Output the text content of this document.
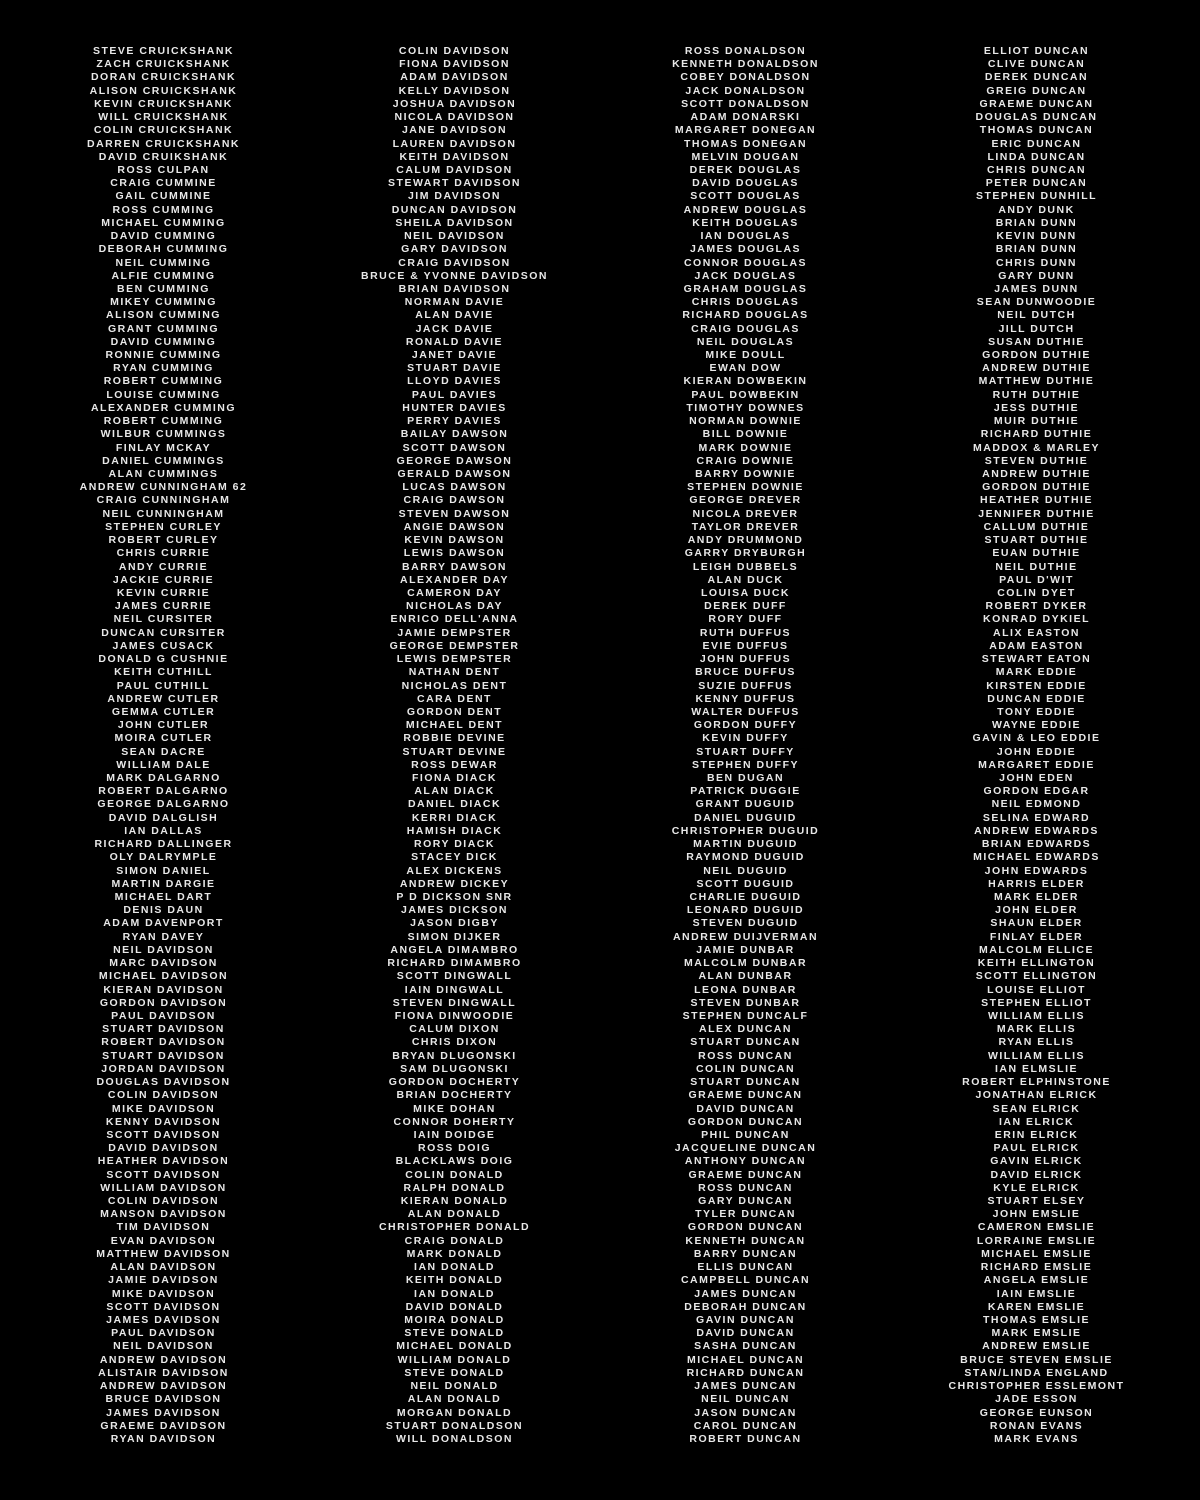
STEVE CRUICKSHANK
ZACH CRUICKSHANK
DORAN CRUICKSHANK
ALISON CRUICKSHANK
KEVIN CRUICKSHANK
WILL CRUICKSHANK
COLIN CRUICKSHANK
DARREN CRUICKSHANK
DAVID CRUIKSHANK
ROSS CULPAN
CRAIG CUMMINE
GAIL CUMMINE
ROSS CUMMING
MICHAEL CUMMING
DAVID CUMMING
DEBORAH CUMMING
NEIL CUMMING
ALFIE CUMMING
BEN CUMMING
MIKEY CUMMING
ALISON CUMMING
GRANT CUMMING
DAVID CUMMING
RONNIE CUMMING
RYAN CUMMING
ROBERT CUMMING
LOUISE CUMMING
ALEXANDER CUMMING
ROBERT CUMMING
WILBUR CUMMINGS
FINLAY MCKAY
DANIEL CUMMINGS
ALAN CUMMINGS
ANDREW CUNNINGHAM 62
CRAIG CUNNINGHAM
NEIL CUNNINGHAM
STEPHEN CURLEY
ROBERT CURLEY
CHRIS CURRIE
ANDY CURRIE
JACKIE CURRIE
KEVIN CURRIE
JAMES CURRIE
NEIL CURSITER
DUNCAN CURSITER
JAMES CUSACK
DONALD G CUSHNIE
KEITH CUTHILL
PAUL CUTHILL
ANDREW CUTLER
GEMMA CUTLER
JOHN CUTLER
MOIRA CUTLER
SEAN DACRE
WILLIAM DALE
MARK DALGARNO
ROBERT DALGARNO
GEORGE DALGARNO
DAVID DALGLISH
IAN DALLAS
RICHARD DALLINGER
OLY DALRYMPLE
SIMON DANIEL
MARTIN DARGIE
MICHAEL DART
DENIS DAUN
ADAM DAVENPORT
RYAN DAVEY
NEIL DAVIDSON
MARC DAVIDSON
MICHAEL DAVIDSON
KIERAN DAVIDSON
GORDON DAVIDSON
PAUL DAVIDSON
STUART DAVIDSON
ROBERT DAVIDSON
STUART DAVIDSON
JORDAN DAVIDSON
DOUGLAS DAVIDSON
COLIN DAVIDSON
MIKE DAVIDSON
KENNY DAVIDSON
SCOTT DAVIDSON
DAVID DAVIDSON
HEATHER DAVIDSON
SCOTT DAVIDSON
WILLIAM DAVIDSON
COLIN DAVIDSON
MANSON DAVIDSON
TIM DAVIDSON
EVAN DAVIDSON
MATTHEW DAVIDSON
ALAN DAVIDSON
JAMIE DAVIDSON
MIKE DAVIDSON
SCOTT DAVIDSON
JAMES DAVIDSON
PAUL DAVIDSON
NEIL DAVIDSON
ANDREW DAVIDSON
ALISTAIR DAVIDSON
ANDREW DAVIDSON
BRUCE DAVIDSON
JAMES DAVIDSON
GRAEME DAVIDSON
RYAN DAVIDSON
COLIN DAVIDSON
FIONA DAVIDSON
ADAM DAVIDSON
KELLY DAVIDSON
JOSHUA DAVIDSON
NICOLA DAVIDSON
JANE DAVIDSON
LAUREN DAVIDSON
KEITH DAVIDSON
CALUM DAVIDSON
STEWART DAVIDSON
JIM DAVIDSON
DUNCAN DAVIDSON
SHEILA DAVIDSON
NEIL DAVIDSON
GARY DAVIDSON
CRAIG DAVIDSON
BRUCE & YVONNE DAVIDSON
BRIAN DAVIDSON
NORMAN DAVIE
ALAN DAVIE
JACK DAVIE
RONALD DAVIE
JANET DAVIE
STUART DAVIE
LLOYD DAVIES
PAUL DAVIES
HUNTER DAVIES
PERRY DAVIES
BAILAY DAWSON
SCOTT DAWSON
GEORGE DAWSON
GERALD DAWSON
LUCAS DAWSON
CRAIG DAWSON
STEVEN DAWSON
ANGIE DAWSON
KEVIN DAWSON
LEWIS DAWSON
BARRY DAWSON
ALEXANDER DAY
CAMERON DAY
NICHOLAS DAY
ENRICO DELL'ANNA
JAMIE DEMPSTER
GEORGE DEMPSTER
LEWIS DEMPSTER
NATHAN DENT
NICHOLAS DENT
CARA DENT
GORDON DENT
MICHAEL DENT
ROBBIE DEVINE
STUART DEVINE
ROSS DEWAR
FIONA DIACK
ALAN DIACK
DANIEL DIACK
KERRI DIACK
HAMISH DIACK
RORY DIACK
STACEY DICK
ALEX DICKENS
ANDREW DICKEY
P D DICKSON SNR
JAMES DICKSON
JASON DIGBY
SIMON DIJKER
ANGELA DIMAMBRO
RICHARD DIMAMBRO
SCOTT DINGWALL
IAIN DINGWALL
STEVEN DINGWALL
FIONA DINWOODIE
CALUM DIXON
CHRIS DIXON
BRYAN DLUGONSKI
SAM DLUGONSKI
GORDON DOCHERTY
BRIAN DOCHERTY
MIKE DOHAN
CONNOR DOHERTY
IAIN DOIDGE
ROSS DOIG
BLACKLAWS DOIG
COLIN DONALD
RALPH DONALD
KIERAN DONALD
ALAN DONALD
CHRISTOPHER DONALD
CRAIG DONALD
MARK DONALD
IAN DONALD
KEITH DONALD
IAN DONALD
DAVID DONALD
MOIRA DONALD
STEVE DONALD
MICHAEL DONALD
WILLIAM DONALD
STEVE DONALD
NEIL DONALD
ALAN DONALD
MORGAN DONALD
STUART DONALDSON
WILL DONALDSON
ROSS DONALDSON
KENNETH DONALDSON
COBEY DONALDSON
JACK DONALDSON
SCOTT DONALDSON
ADAM DONARSKI
MARGARET DONEGAN
THOMAS DONEGAN
MELVIN DOUGAN
DEREK DOUGLAS
DAVID DOUGLAS
SCOTT DOUGLAS
ANDREW DOUGLAS
KEITH DOUGLAS
IAN DOUGLAS
JAMES DOUGLAS
CONNOR DOUGLAS
JACK DOUGLAS
GRAHAM DOUGLAS
CHRIS DOUGLAS
RICHARD DOUGLAS
CRAIG DOUGLAS
NEIL DOUGLAS
MIKE DOULL
EWAN DOW
KIERAN DOWBEKIN
PAUL DOWBEKIN
TIMOTHY DOWNES
NORMAN DOWNIE
BILL DOWNIE
MARK DOWNIE
CRAIG DOWNIE
BARRY DOWNIE
STEPHEN DOWNIE
GEORGE DREVER
NICOLA DREVER
TAYLOR DREVER
ANDY DRUMMOND
GARRY DRYBURGH
LEIGH DUBBELS
ALAN DUCK
LOUISA DUCK
DEREK DUFF
RORY DUFF
RUTH DUFFUS
EVIE DUFFUS
JOHN DUFFUS
BRUCE DUFFUS
SUZIE DUFFUS
KENNY DUFFUS
WALTER DUFFUS
GORDON DUFFY
KEVIN DUFFY
STUART DUFFY
STEPHEN DUFFY
BEN DUGAN
PATRICK DUGGIE
GRANT DUGUID
DANIEL DUGUID
CHRISTOPHER DUGUID
MARTIN DUGUID
RAYMOND DUGUID
NEIL DUGUID
SCOTT DUGUID
CHARLIE DUGUID
LEONARD DUGUID
STEVEN DUGUID
ANDREW DUIJVERMAN
JAMIE DUNBAR
MALCOLM DUNBAR
ALAN DUNBAR
LEONA DUNBAR
STEVEN DUNBAR
STEPHEN DUNCALF
ALEX DUNCAN
STUART DUNCAN
ROSS DUNCAN
COLIN DUNCAN
STUART DUNCAN
GRAEME DUNCAN
DAVID DUNCAN
GORDON DUNCAN
PHIL DUNCAN
JACQUELINE DUNCAN
ANTHONY DUNCAN
GRAEME DUNCAN
ROSS DUNCAN
GARY DUNCAN
TYLER DUNCAN
GORDON DUNCAN
KENNETH DUNCAN
BARRY DUNCAN
ELLIS DUNCAN
CAMPBELL DUNCAN
JAMES DUNCAN
DEBORAH DUNCAN
GAVIN DUNCAN
DAVID DUNCAN
SASHA DUNCAN
MICHAEL DUNCAN
RICHARD DUNCAN
JAMES DUNCAN
NEIL DUNCAN
JASON DUNCAN
CAROL DUNCAN
ROBERT DUNCAN
ELLIOT DUNCAN
CLIVE DUNCAN
DEREK DUNCAN
GREIG DUNCAN
GRAEME DUNCAN
DOUGLAS DUNCAN
THOMAS DUNCAN
ERIC DUNCAN
LINDA DUNCAN
CHRIS DUNCAN
PETER DUNCAN
STEPHEN DUNHILL
ANDY DUNK
BRIAN DUNN
KEVIN DUNN
BRIAN DUNN
CHRIS DUNN
GARY DUNN
JAMES DUNN
SEAN DUNWOODIE
NEIL DUTCH
JILL DUTCH
SUSAN DUTHIE
GORDON DUTHIE
ANDREW DUTHIE
MATTHEW DUTHIE
RUTH DUTHIE
JESS DUTHIE
MUIR DUTHIE
RICHARD DUTHIE
MADDOX & MARLEY
STEVEN DUTHIE
ANDREW DUTHIE
GORDON DUTHIE
HEATHER DUTHIE
JENNIFER DUTHIE
CALLUM DUTHIE
STUART DUTHIE
EUAN DUTHIE
NEIL DUTHIE
PAUL D'WIT
COLIN DYET
ROBERT DYKER
KONRAD DYKIEL
ALIX EASTON
ADAM EASTON
STEWART EATON
MARK EDDIE
KIRSTEN EDDIE
DUNCAN EDDIE
TONY EDDIE
WAYNE EDDIE
GAVIN & LEO EDDIE
JOHN EDDIE
MARGARET EDDIE
JOHN EDEN
GORDON EDGAR
NEIL EDMOND
SELINA EDWARD
ANDREW EDWARDS
BRIAN EDWARDS
MICHAEL EDWARDS
JOHN EDWARDS
HARRIS ELDER
MARK ELDER
JOHN ELDER
SHAUN ELDER
FINLAY ELDER
MALCOLM ELLICE
KEITH ELLINGTON
SCOTT ELLINGTON
LOUISE ELLIOT
STEPHEN ELLIOT
WILLIAM ELLIS
MARK ELLIS
RYAN ELLIS
WILLIAM ELLIS
IAN ELMSLIE
ROBERT ELPHINSTONE
JONATHAN ELRICK
SEAN ELRICK
IAN ELRICK
ERIN ELRICK
PAUL ELRICK
GAVIN ELRICK
DAVID ELRICK
KYLE ELRICK
STUART ELSEY
JOHN EMSLIE
CAMERON EMSLIE
LORRAINE EMSLIE
MICHAEL EMSLIE
RICHARD EMSLIE
ANGELA EMSLIE
IAIN EMSLIE
KAREN EMSLIE
THOMAS EMSLIE
MARK EMSLIE
ANDREW EMSLIE
BRUCE STEVEN EMSLIE
STAN/LINDA ENGLAND
CHRISTOPHER ESSLEMONT
JADE ESSON
GEORGE EUNSON
RONAN EVANS
MARK EVANS
